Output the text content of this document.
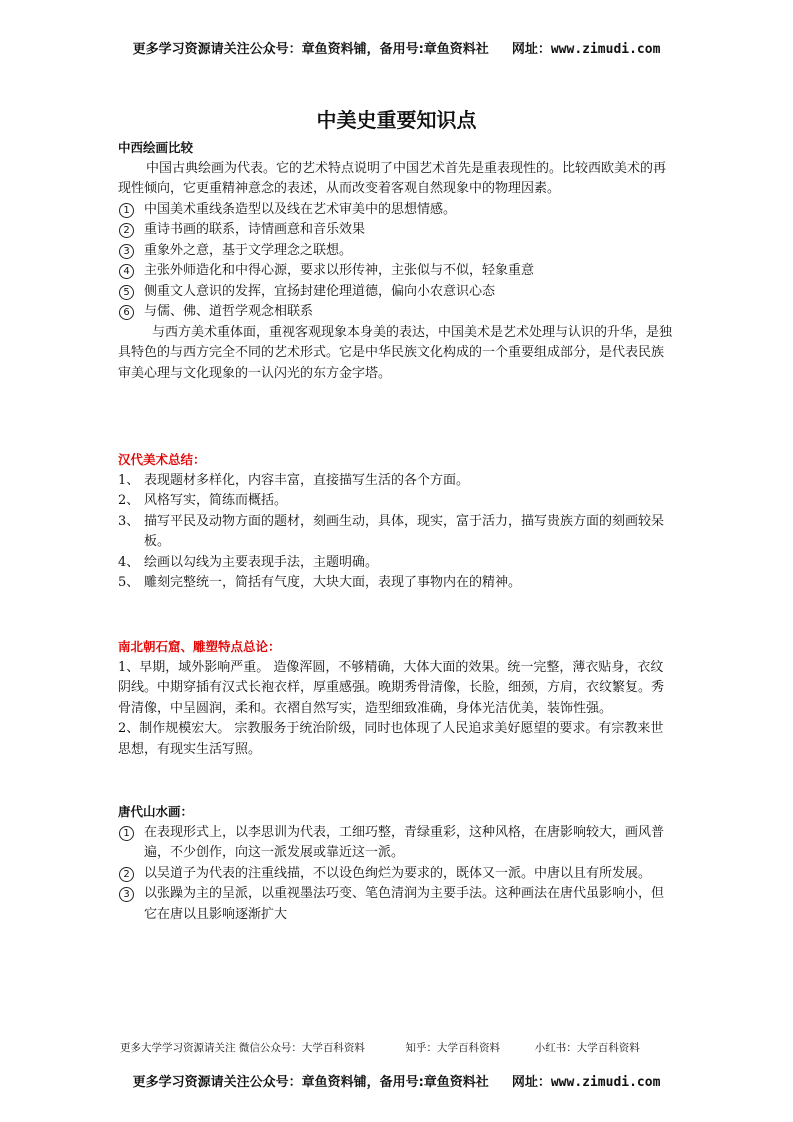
更多学习资源请关注公众号：章鱼资料铺，备用号:章鱼资料社 网址：www.zimudi.com
中美史重要知识点

中西绘画比较

中国古典绘画为代表。它的艺术特点说明了中国艺术首先是重表现性的。比较西欧美术的再现性倾向，它更重精神意念的表述，从而改变着客观自然现象中的物理因素。

1	中国美术重线条造型以及线在艺术审美中的思想情感。
2	重诗书画的联系，诗情画意和音乐效果
3	重象外之意，基于文学理念之联想。
4	主张外师造化和中得心源，要求以形传神，主张似与不似，轻象重意
5	侧重文人意识的发挥，宜扬封建伦理道德，偏向小农意识心态
6	与儒、佛、道哲学观念相联系

与西方美术重体面，重视客观现象本身美的表达，中国美术是艺术处理与认识的升华，是独具特色的与西方完全不同的艺术形式。它是中华民族文化构成的一个重要组成部分，是代表民族审美心理与文化现象的一认闪光的东方金字塔。

汉代美术总结：

1、 表现题材多样化，内容丰富，直接描写生活的各个方面。
2、 风格写实，简练而概括。
3、 描写平民及动物方面的题材，刻画生动，具体，现实，富于活力，描写贵族方面的刻画较呆板。
4、 绘画以勾线为主要表现手法，主题明确。
5、 雕刻完整统一，简括有气度，大块大面，表现了事物内在的精神。

南北朝石窟、雕塑特点总论：

1、早期，域外影响严重。 造像浑圆，不够精确，大体大面的效果。统一完整，薄衣贴身，衣纹阴线。中期穿插有汉式长袍衣样，厚重感强。晚期秀骨清像，长脸，细颈，方肩，衣纹繁复。秀骨清像，中呈圆润，柔和。衣褶自然写实，造型细致准确，身体光洁优美，装饰性强。

2、制作规模宏大。 宗教服务于统治阶级，同时也体现了人民追求美好愿望的要求。有宗教来世思想，有现实生活写照。

唐代山水画：

1	在表现形式上，以李思训为代表，工细巧整，青绿重彩，这种风格，在唐影响较大，画风普遍，不少创作，向这一派发展或靠近这一派。
2	以吴道子为代表的注重线描，不以设色绚烂为要求的，既体又一派。中唐以且有所发展。
3	以张躁为主的呈派，以重视墨法巧变、笔色清润为主要手法。这种画法在唐代虽影响小，但它在唐以且影响逐渐扩大
更多大学学习资源请关注 微信公众号：大学百科资料	知乎：大学百科资料	小红书：大学百科资料
更多学习资源请关注公众号：章鱼资料铺，备用号:章鱼资料社 网址：www.zimudi.com
